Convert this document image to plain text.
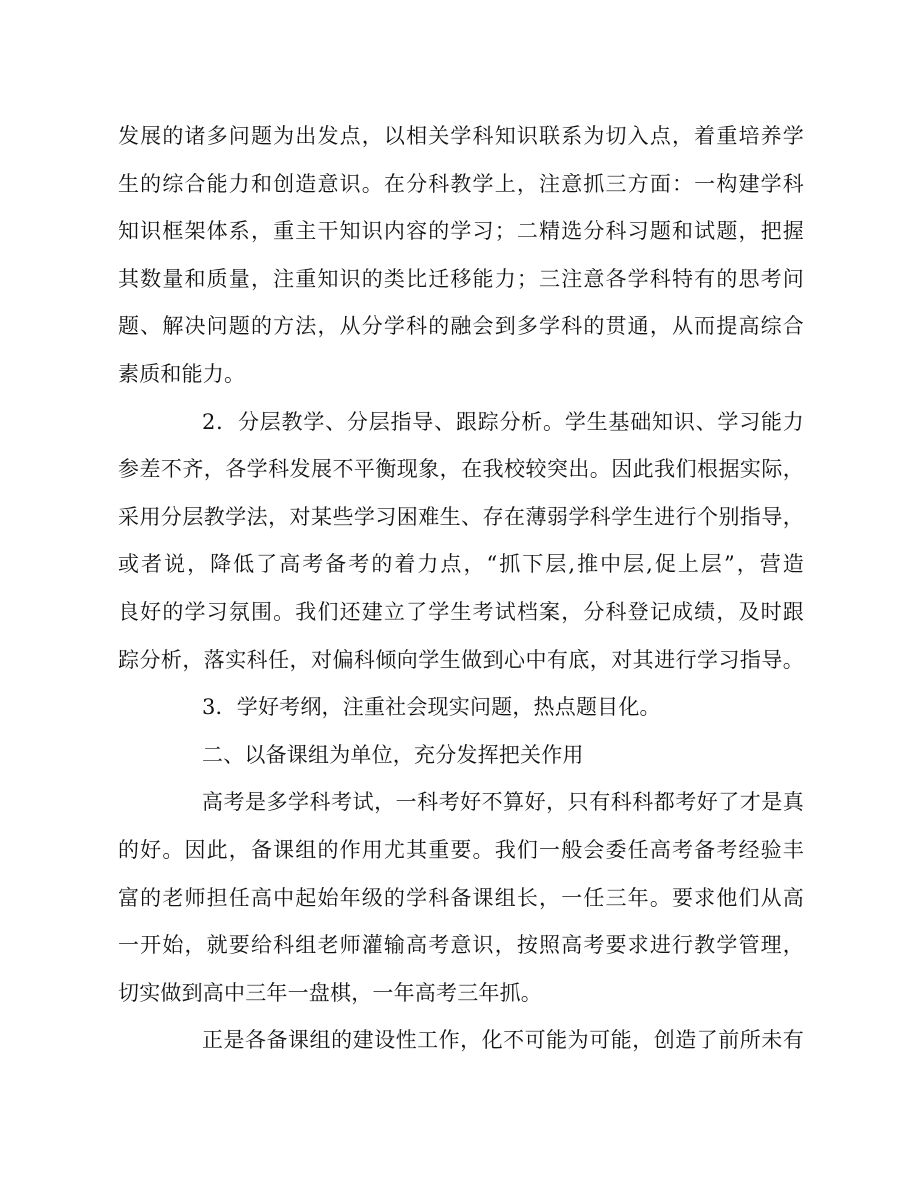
发展的诸多问题为出发点，以相关学科知识联系为切入点，着重培养学
生的综合能力和创造意识。在分科教学上，注意抓三方面：一构建学科
知识框架体系，重主干知识内容的学习；二精选分科习题和试题，把握
其数量和质量，注重知识的类比迁移能力；三注意各学科特有的思考问
题、解决问题的方法，从分学科的融会到多学科的贯通，从而提高综合
素质和能力。
2．分层教学、分层指导、跟踪分析。学生基础知识、学习能力
参差不齐，各学科发展不平衡现象，在我校较突出。因此我们根据实际，
采用分层教学法，对某些学习困难生、存在薄弱学科学生进行个别指导，
或者说，降低了高考备考的着力点，“抓下层,推中层,促上层”，营造
良好的学习氛围。我们还建立了学生考试档案，分科登记成绩，及时跟
踪分析，落实科任，对偏科倾向学生做到心中有底，对其进行学习指导。
3．学好考纲，注重社会现实问题，热点题目化。
二、以备课组为单位，充分发挥把关作用
高考是多学科考试，一科考好不算好，只有科科都考好了才是真
的好。因此，备课组的作用尤其重要。我们一般会委任高考备考经验丰
富的老师担任高中起始年级的学科备课组长，一任三年。要求他们从高
一开始，就要给科组老师灌输高考意识，按照高考要求进行教学管理，
切实做到高中三年一盘棋，一年高考三年抓。
正是各备课组的建设性工作，化不可能为可能，创造了前所未有
